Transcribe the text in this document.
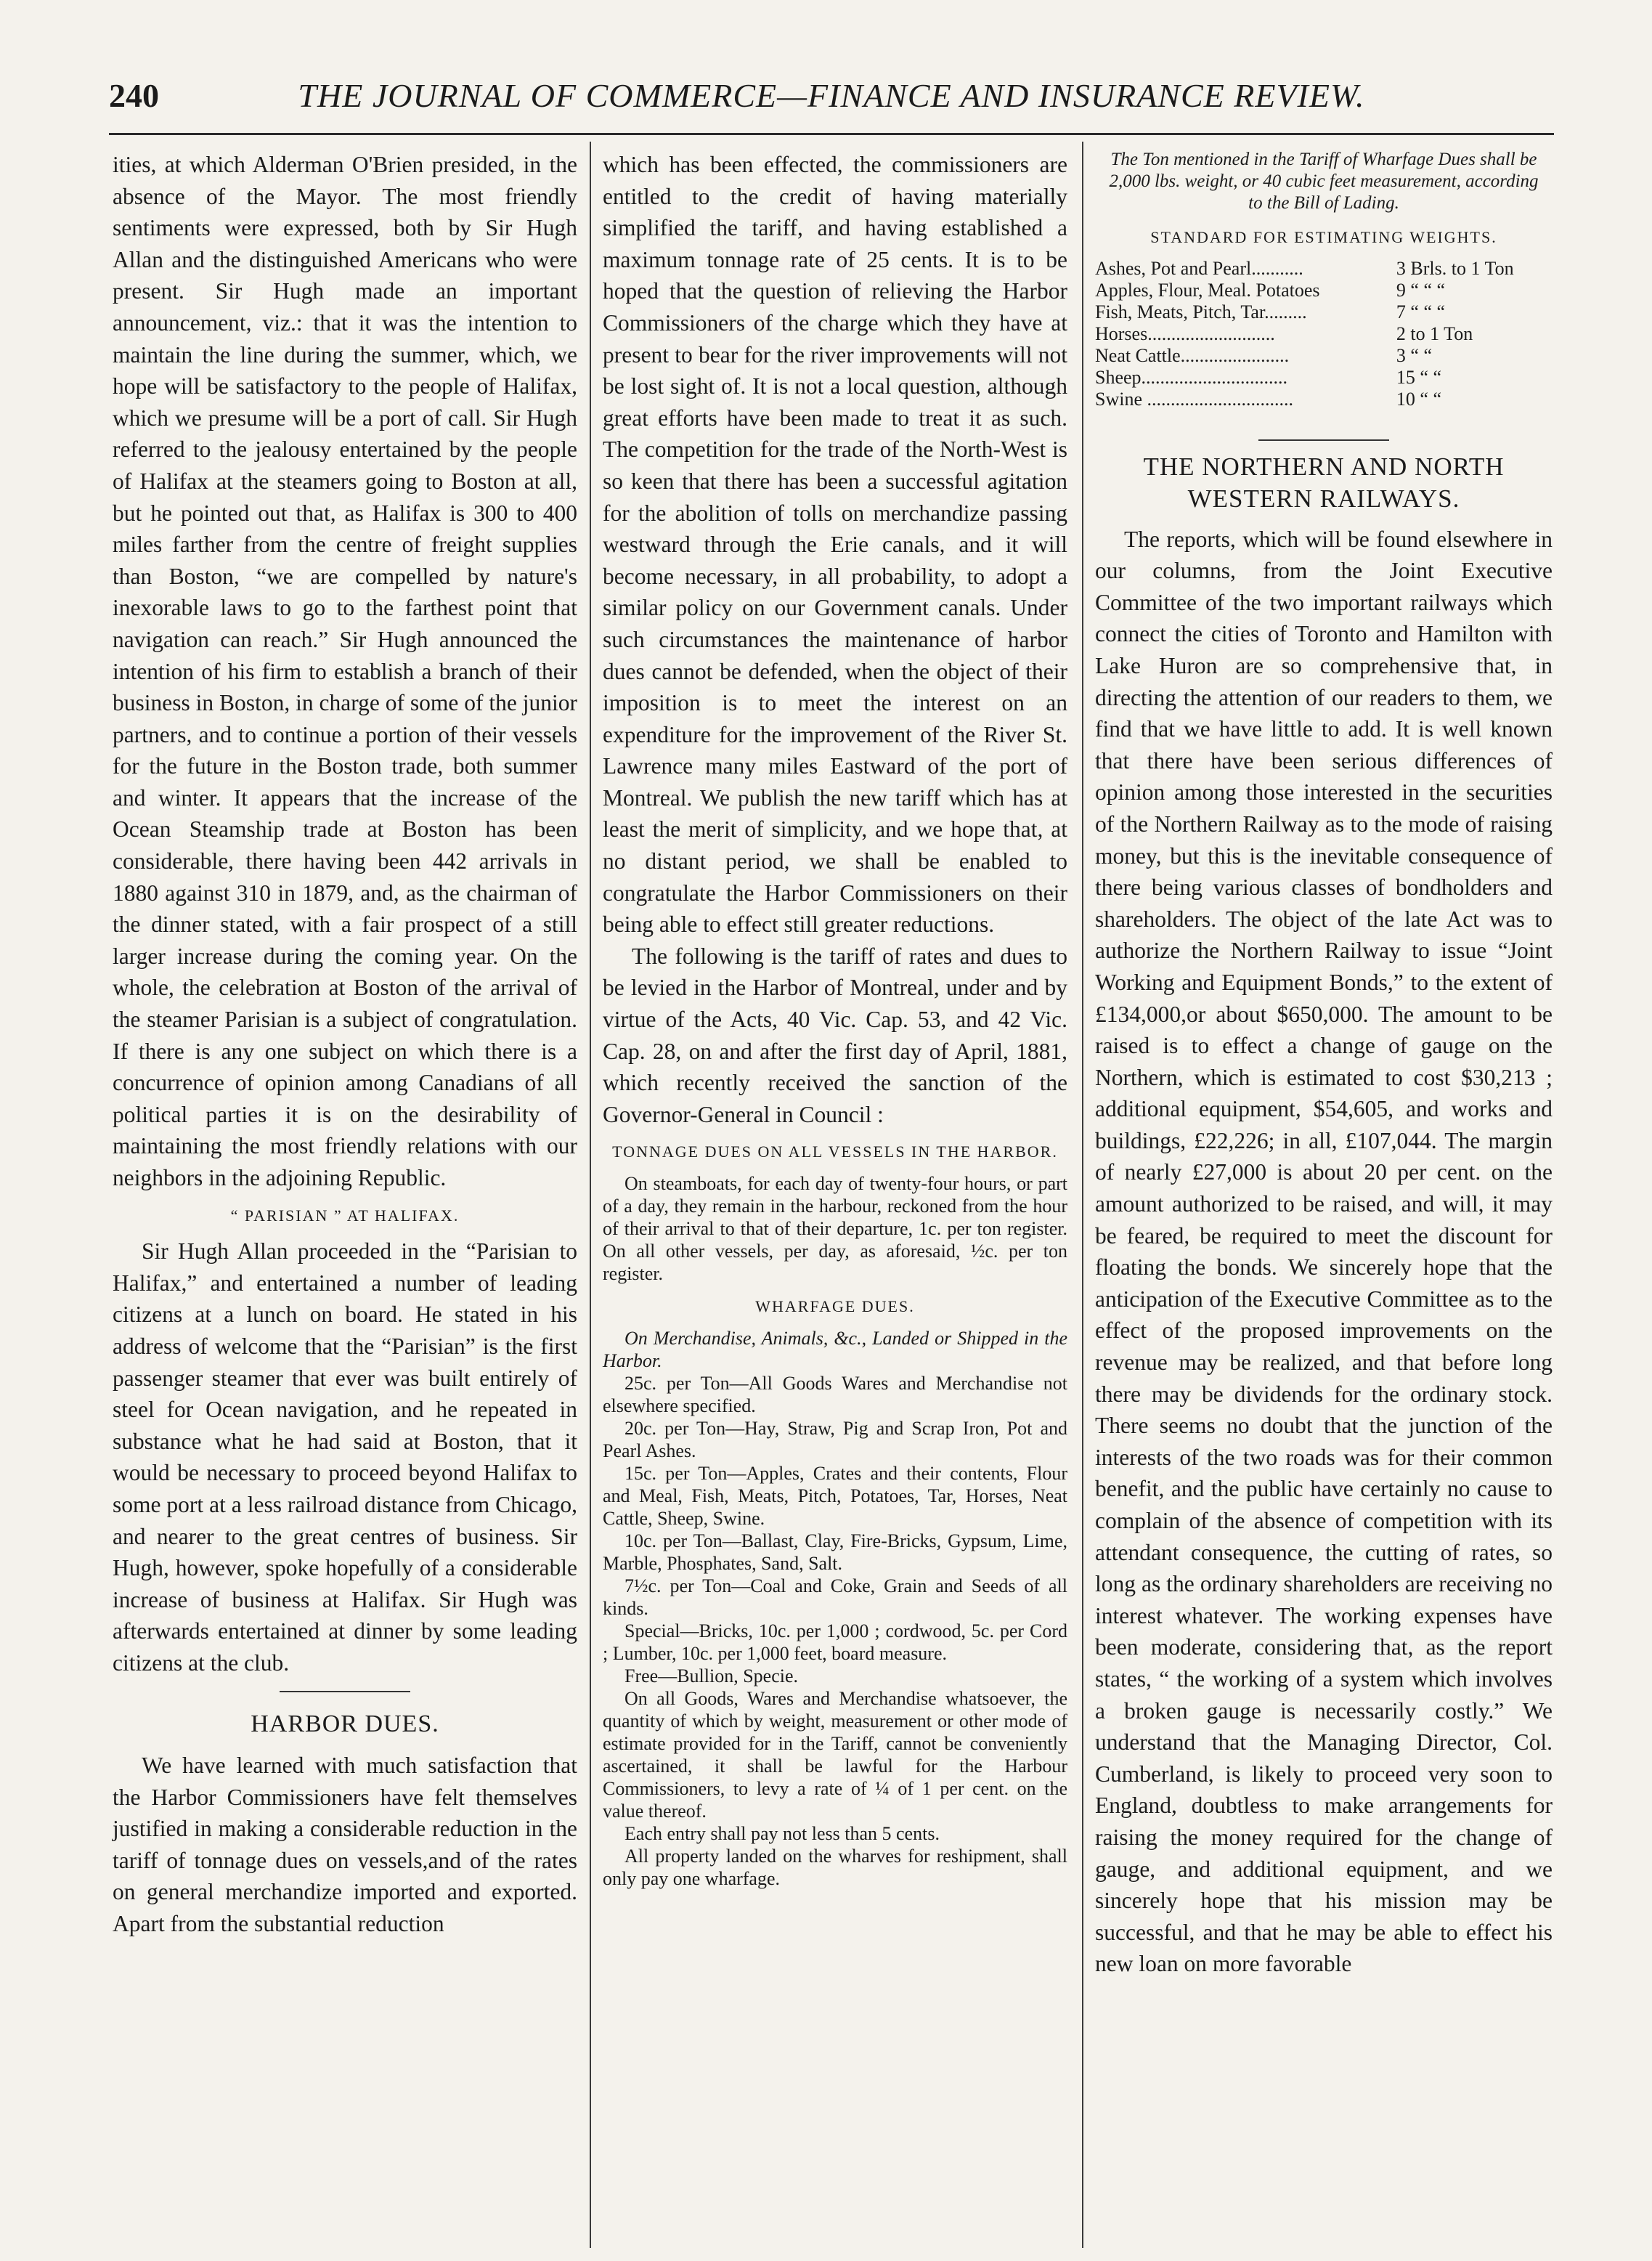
240	THE JOURNAL OF COMMERCE—FINANCE AND INSURANCE REVIEW.

ities, at which Alderman O'Brien presided, in the absence of the Mayor. The most friendly sentiments were expressed, both by Sir Hugh Allan and the distinguished Americans who were present. Sir Hugh made an important announcement, viz.: that it was the intention to maintain the line during the summer, which, we hope will be satisfactory to the people of Halifax, which we presume will be a port of call. Sir Hugh referred to the jealousy entertained by the people of Halifax at the steamers going to Boston at all, but he pointed out that, as Halifax is 300 to 400 miles farther from the centre of freight supplies than Boston, “we are compelled by nature's inexorable laws to go to the farthest point that navigation can reach.” Sir Hugh announced the intention of his firm to establish a branch of their business in Boston, in charge of some of the junior partners, and to continue a portion of their vessels for the future in the Boston trade, both summer and winter. It appears that the increase of the Ocean Steamship trade at Boston has been considerable, there having been 442 arrivals in 1880 against 310 in 1879, and, as the chairman of the dinner stated, with a fair prospect of a still larger increase during the coming year. On the whole, the celebration at Boston of the arrival of the steamer Parisian is a subject of congratulation. If there is any one subject on which there is a concurrence of opinion among Canadians of all political parties it is on the desirability of maintaining the most friendly relations with our neighbors in the adjoining Republic.

“ PARISIAN ” AT HALIFAX.

Sir Hugh Allan proceeded in the “Parisian to Halifax,” and entertained a number of leading citizens at a lunch on board. He stated in his address of welcome that the “Parisian” is the first passenger steamer that ever was built entirely of steel for Ocean navigation, and he repeated in substance what he had said at Boston, that it would be necessary to proceed beyond Halifax to some port at a less railroad distance from Chicago, and nearer to the great centres of business. Sir Hugh, however, spoke hopefully of a considerable increase of business at Halifax. Sir Hugh was afterwards entertained at dinner by some leading citizens at the club.

HARBOR DUES.

We have learned with much satisfaction that the Harbor Commissioners have felt themselves justified in making a considerable reduction in the tariff of tonnage dues on vessels,and of the rates on general merchandize imported and exported. Apart from the substantial reduction

which has been effected, the commissioners are entitled to the credit of having materially simplified the tariff, and having established a maximum tonnage rate of 25 cents. It is to be hoped that the question of relieving the Harbor Commissioners of the charge which they have at present to bear for the river improvements will not be lost sight of. It is not a local question, although great efforts have been made to treat it as such. The competition for the trade of the North-West is so keen that there has been a successful agitation for the abolition of tolls on merchandize passing westward through the Erie canals, and it will become necessary, in all probability, to adopt a similar policy on our Government canals. Under such circumstances the maintenance of harbor dues cannot be defended, when the object of their imposition is to meet the interest on an expenditure for the improvement of the River St. Lawrence many miles Eastward of the port of Montreal. We publish the new tariff which has at least the merit of simplicity, and we hope that, at no distant period, we shall be enabled to congratulate the Harbor Commissioners on their being able to effect still greater reductions.

The following is the tariff of rates and dues to be levied in the Harbor of Montreal, under and by virtue of the Acts, 40 Vic. Cap. 53, and 42 Vic. Cap. 28, on and after the first day of April, 1881, which recently received the sanction of the Governor-General in Council :

TONNAGE DUES ON ALL VESSELS IN THE HARBOR.

On steamboats, for each day of twenty-four hours, or part of a day, they remain in the harbour, reckoned from the hour of their arrival to that of their departure, 1c. per ton register. On all other vessels, per day, as aforesaid, ½c. per ton register.

WHARFAGE DUES.

On Merchandise, Animals, &c., Landed or Shipped in the Harbor.

25c. per Ton—All Goods Wares and Merchandise not elsewhere specified.

20c. per Ton—Hay, Straw, Pig and Scrap Iron, Pot and Pearl Ashes.

15c. per Ton—Apples, Crates and their contents, Flour and Meal, Fish, Meats, Pitch, Potatoes, Tar, Horses, Neat Cattle, Sheep, Swine.

10c. per Ton—Ballast, Clay, Fire-Bricks, Gypsum, Lime, Marble, Phosphates, Sand, Salt.

7½c. per Ton—Coal and Coke, Grain and Seeds of all kinds.

Special—Bricks, 10c. per 1,000 ; cordwood, 5c. per Cord ; Lumber, 10c. per 1,000 feet, board measure.

Free—Bullion, Specie.

On all Goods, Wares and Merchandise whatsoever, the quantity of which by weight, measurement or other mode of estimate provided for in the Tariff, cannot be conveniently ascertained, it shall be lawful for the Harbour Commissioners, to levy a rate of ¼ of 1 per cent. on the value thereof.

Each entry shall pay not less than 5 cents.

All property landed on the wharves for reshipment, shall only pay one wharfage.

The Ton mentioned in the Tariff of Wharfage Dues shall be 2,000 lbs. weight, or 40 cubic feet measurement, according to the Bill of Lading.
STANDARD FOR ESTIMATING WEIGHTS.
Ashes, Pot and Pearl...........	3 Brls. to 1 Ton
Apples, Flour, Meal. Potatoes	9 “ “ “
Fish, Meats, Pitch, Tar.........	7 “ “ “
Horses...........................	2 to 1 Ton
Neat Cattle.......................	3 “ “
Sheep...............................	15 “ “
Swine ...............................	10 “ “
THE NORTHERN AND NORTH
WESTERN RAILWAYS.

The reports, which will be found elsewhere in our columns, from the Joint Executive Committee of the two important railways which connect the cities of Toronto and Hamilton with Lake Huron are so comprehensive that, in directing the attention of our readers to them, we find that we have little to add. It is well known that there have been serious differences of opinion among those interested in the securities of the Northern Railway as to the mode of raising money, but this is the inevitable consequence of there being various classes of bondholders and shareholders. The object of the late Act was to authorize the Northern Railway to issue “Joint Working and Equipment Bonds,” to the extent of £134,000,or about $650,000. The amount to be raised is to effect a change of gauge on the Northern, which is estimated to cost $30,213 ; additional equipment, $54,605, and works and buildings, £22,226; in all, £107,044. The margin of nearly £27,000 is about 20 per cent. on the amount authorized to be raised, and will, it may be feared, be required to meet the discount for floating the bonds. We sincerely hope that the anticipation of the Executive Committee as to the effect of the proposed improvements on the revenue may be realized, and that before long there may be dividends for the ordinary stock. There seems no doubt that the junction of the interests of the two roads was for their common benefit, and the public have certainly no cause to complain of the absence of competition with its attendant consequence, the cutting of rates, so long as the ordinary shareholders are receiving no interest whatever. The working expenses have been moderate, considering that, as the report states, “ the working of a system which involves a broken gauge is necessarily costly.” We understand that the Managing Director, Col. Cumberland, is likely to proceed very soon to England, doubtless to make arrangements for raising the money required for the change of gauge, and additional equipment, and we sincerely hope that his mission may be successful, and that he may be able to effect his new loan on more favorable
